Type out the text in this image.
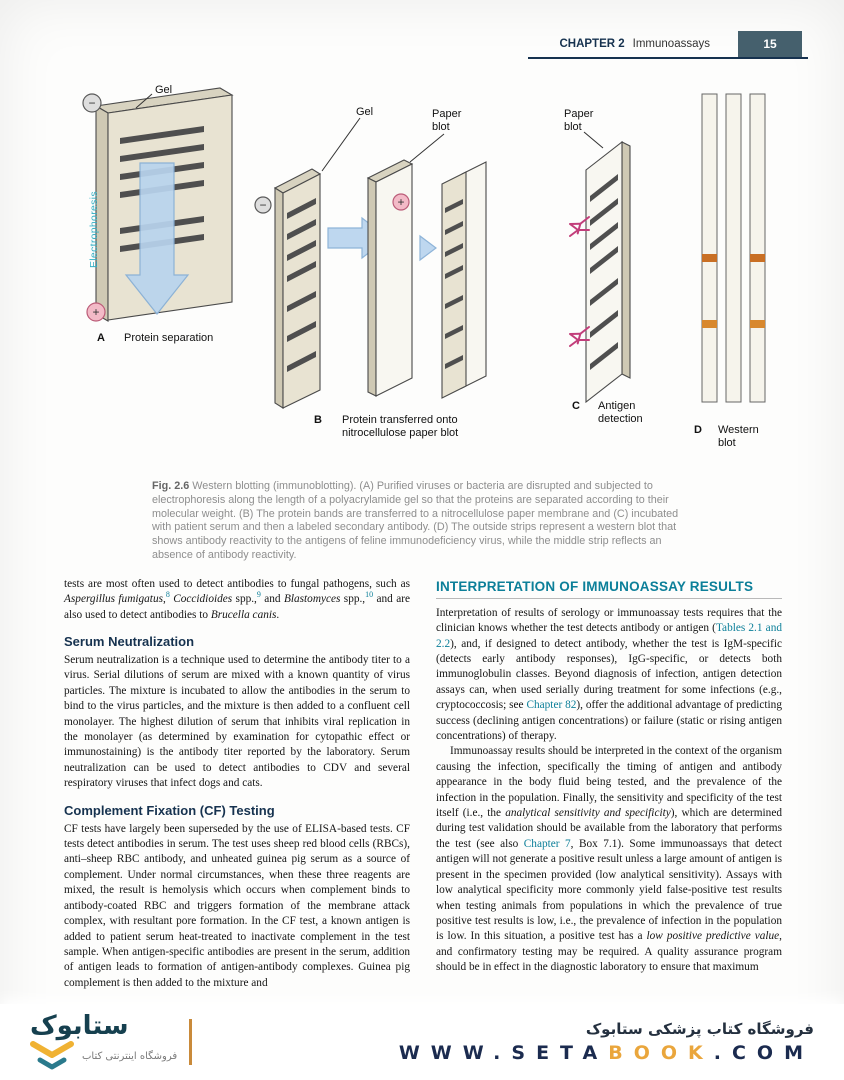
CHAPTER 2 Immunoassays	15
−
+
−	+
Gel
Electrophoresis
A Protein separation
Gel	Paper blot
B Protein transferred onto nitrocellulose paper blot
Paper blot
C Antigen detection
D Western blot
Fig. 2.6 Western blotting (immunoblotting). (A) Purified viruses or bacteria are disrupted and subjected to electrophoresis along the length of a polyacrylamide gel so that the proteins are separated according to their molecular weight. (B) The protein bands are transferred to a nitrocellulose paper membrane and (C) incubated with patient serum and then a labeled secondary antibody. (D) The outside strips represent a western blot that shows antibody reactivity to the antigens of feline immunodeficiency virus, while the middle strip reflects an absence of antibody reactivity.

tests are most often used to detect antibodies to fungal pathogens, such as Aspergillus fumigatus,$^8$ Coccidioides spp.,$^9$ and Blastomyces spp.,$^{10}$ and are also used to detect antibodies to Brucella canis.

Serum Neutralization

Serum neutralization is a technique used to determine the antibody titer to a virus. Serial dilutions of serum are mixed with a known quantity of virus particles. The mixture is incubated to allow the antibodies in the serum to bind to the virus particles, and the mixture is then added to a confluent cell monolayer. The highest dilution of serum that inhibits viral replication in the monolayer (as determined by examination for cytopathic effect or immunostaining) is the antibody titer reported by the laboratory. Serum neutralization can be used to detect antibodies to CDV and several respiratory viruses that infect dogs and cats.

Complement Fixation (CF) Testing

CF tests have largely been superseded by the use of ELISA-based tests. CF tests detect antibodies in serum. The test uses sheep red blood cells (RBCs), anti–sheep RBC antibody, and unheated guinea pig serum as a source of complement. Under normal circumstances, when these three reagents are mixed, the result is hemolysis which occurs when complement binds to antibody-coated RBC and triggers formation of the membrane attack complex, with resultant pore formation. In the CF test, a known antigen is added to patient serum heat-treated to inactivate complement in the test sample. When antigen-specific antibodies are present in the serum, addition of antigen leads to formation of antigen-antibody complexes. Guinea pig complement is then added to the mixture and

INTERPRETATION OF IMMUNOASSAY RESULTS

Interpretation of results of serology or immunoassay tests requires that the clinician knows whether the test detects antibody or antigen (Tables 2.1 and 2.2), and, if designed to detect antibody, whether the test is IgM-specific (detects early antibody responses), IgG-specific, or detects both immunoglobulin classes. Beyond diagnosis of infection, antigen detection assays can, when used serially during treatment for some infections (e.g., cryptococcosis; see Chapter 82), offer the additional advantage of predicting success (declining antigen concentrations) or failure (static or rising antigen concentrations) of therapy.

Immunoassay results should be interpreted in the context of the organism causing the infection, specifically the timing of antigen and antibody appearance in the body fluid being tested, and the prevalence of the infection in the population. Finally, the sensitivity and specificity of the test itself (i.e., the analytical sensitivity and specificity), which are determined during test validation should be available from the laboratory that performs the test (see also Chapter 7, Box 7.1). Some immunoassays that detect antigen will not generate a positive result unless a large amount of antigen is present in the specimen provided (low analytical sensitivity). Assays with low analytical specificity more commonly yield false-positive test results when testing animals from populations in which the prevalence of true positive test results is low, i.e., the prevalence of infection in the population is low. In this situation, a positive test has a low positive predictive value, and confirmatory testing may be required. A quality assurance program should be in effect in the diagnostic laboratory to ensure that maximum

ستابوک
فروشگاه اینترنتی کتاب
فروشگاه کتاب پزشکی ستابوک
WWW.SETABOOK.COM
